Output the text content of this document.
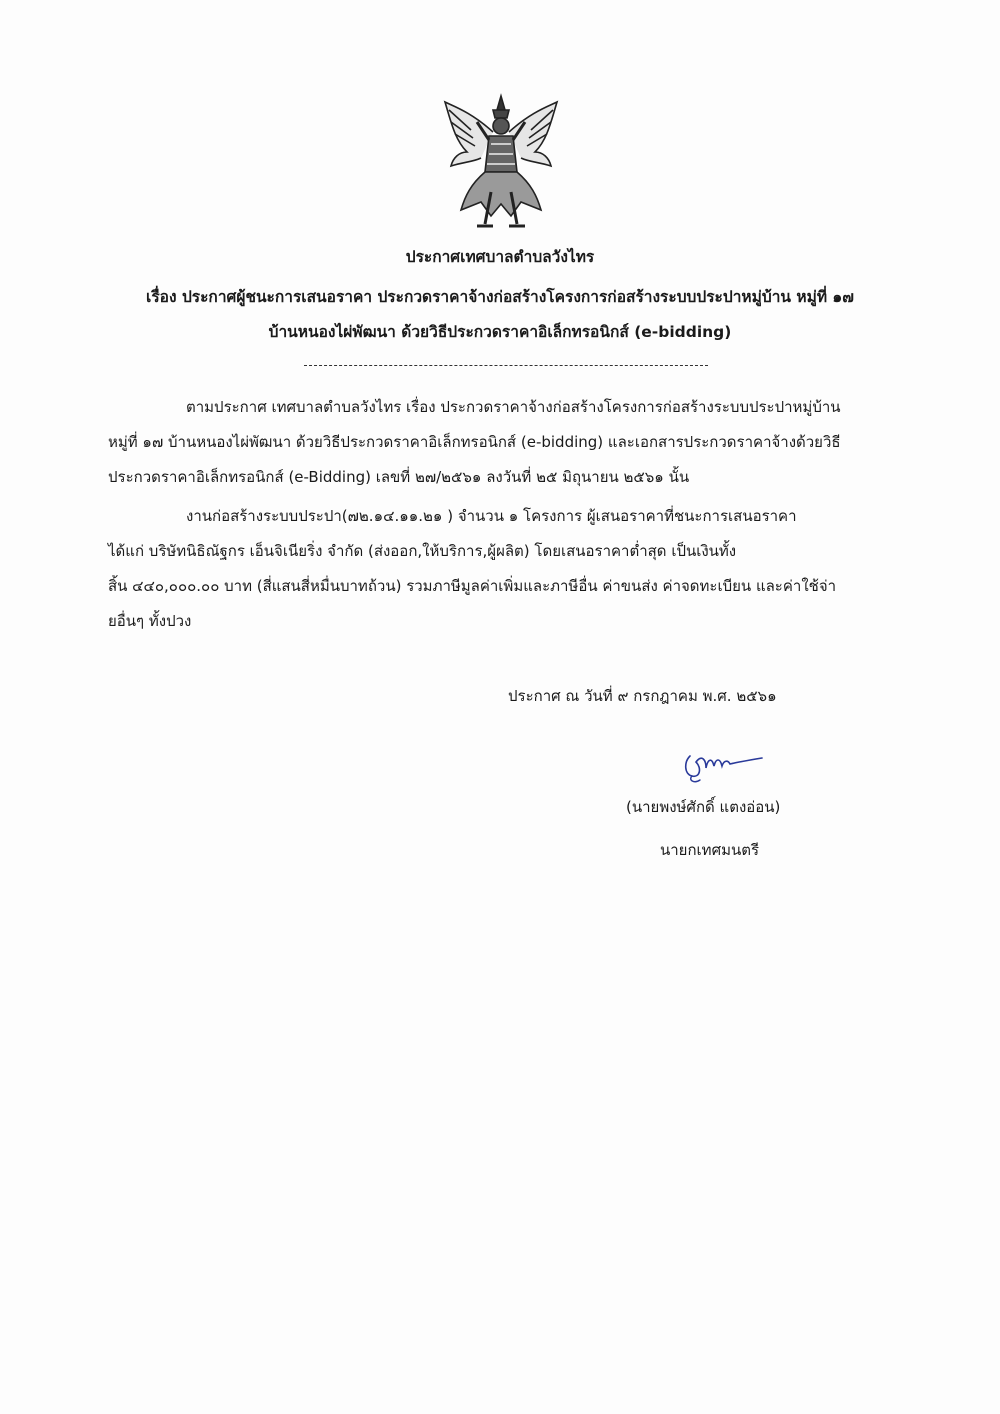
ประกาศเทศบาลตำบลวังไทร
เรื่อง ประกาศผู้ชนะการเสนอราคา ประกวดราคาจ้างก่อสร้างโครงการก่อสร้างระบบประปาหมู่บ้าน หมู่ที่ ๑๗
บ้านหนองไผ่พัฒนา ด้วยวิธีประกวดราคาอิเล็กทรอนิกส์ (e-bidding)
ตามประกาศ เทศบาลตำบลวังไทร เรื่อง ประกวดราคาจ้างก่อสร้างโครงการก่อสร้างระบบประปาหมู่บ้าน
หมู่ที่ ๑๗ บ้านหนองไผ่พัฒนา ด้วยวิธีประกวดราคาอิเล็กทรอนิกส์ (e-bidding) และเอกสารประกวดราคาจ้างด้วยวิธี
ประกวดราคาอิเล็กทรอนิกส์ (e-Bidding) เลขที่ ๒๗/๒๕๖๑ ลงวันที่ ๒๕ มิถุนายน ๒๕๖๑ นั้น
งานก่อสร้างระบบประปา(๗๒.๑๔.๑๑.๒๑ ) จำนวน ๑ โครงการ ผู้เสนอราคาที่ชนะการเสนอราคา
ได้แก่ บริษัทนิธิณัฐกร เอ็นจิเนียริ่ง จำกัด (ส่งออก,ให้บริการ,ผู้ผลิต) โดยเสนอราคาต่ำสุด เป็นเงินทั้ง
สิ้น ๔๔๐,๐๐๐.๐๐ บาท (สี่แสนสี่หมื่นบาทถ้วน) รวมภาษีมูลค่าเพิ่มและภาษีอื่น ค่าขนส่ง ค่าจดทะเบียน และค่าใช้จ่า
ยอื่นๆ ทั้งปวง
ประกาศ ณ วันที่ ๙ กรกฎาคม พ.ศ. ๒๕๖๑
(นายพงษ์ศักดิ์ แตงอ่อน)
นายกเทศมนตรี
